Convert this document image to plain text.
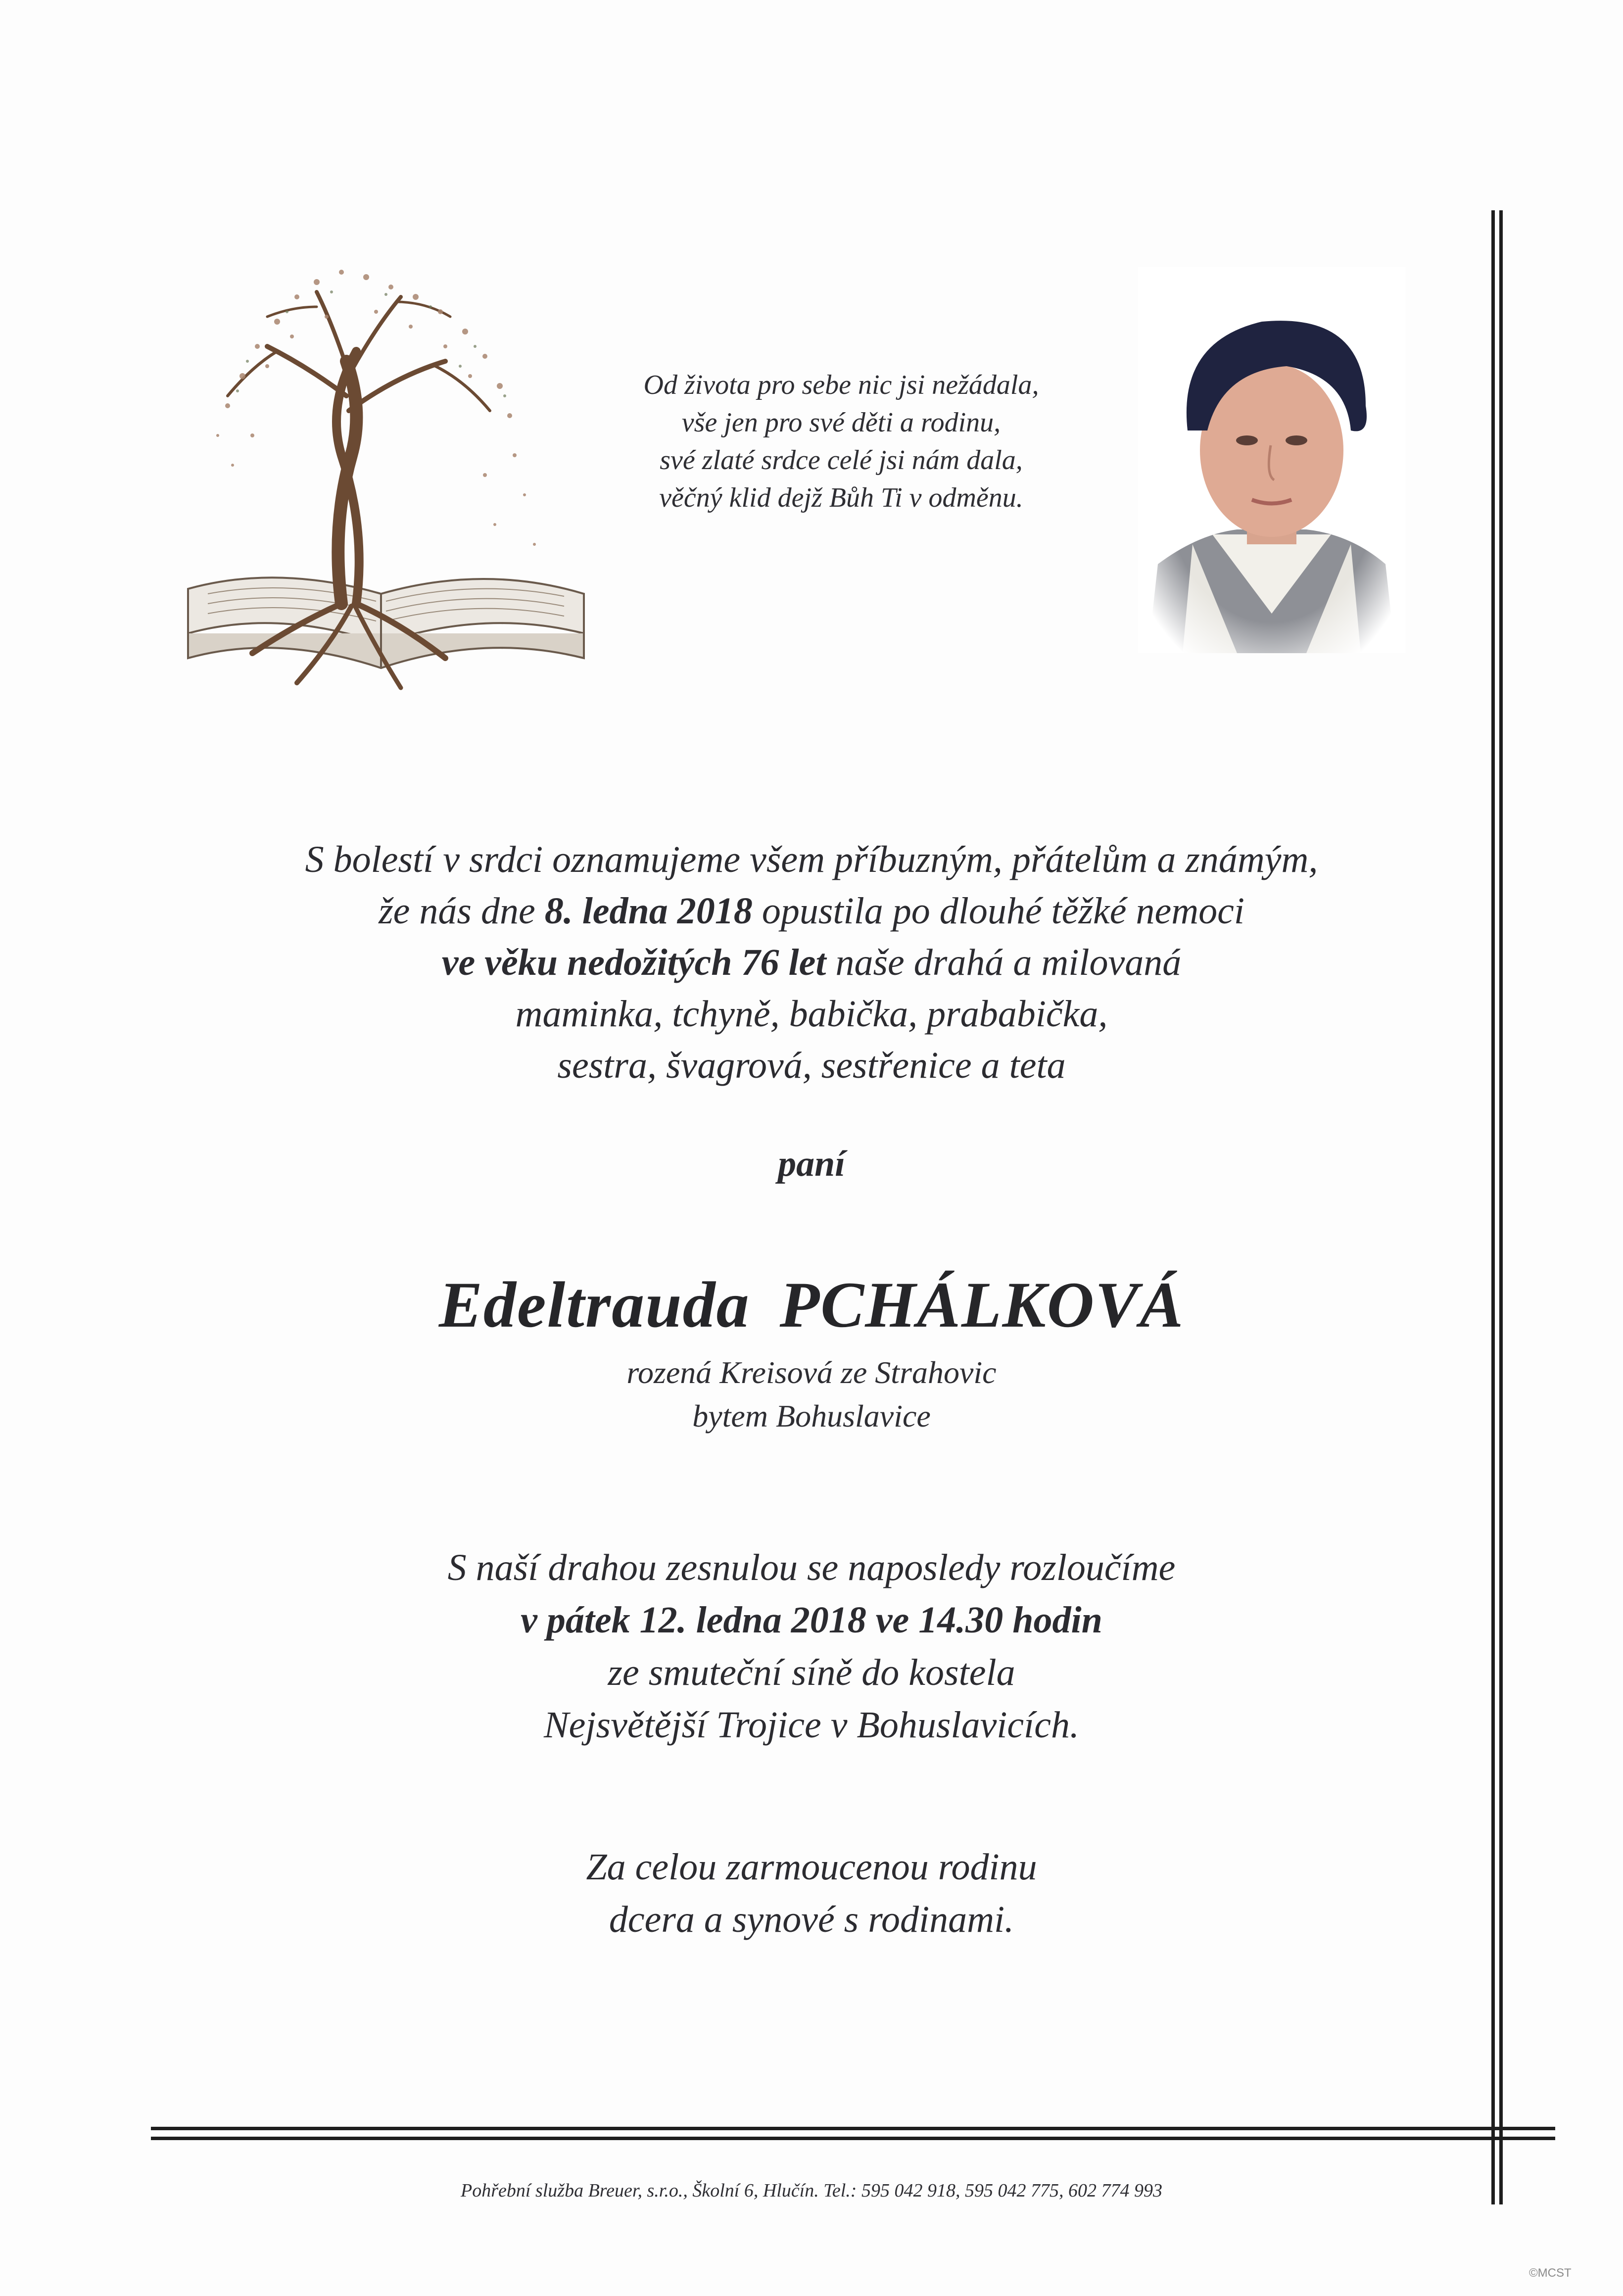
Od života pro sebe nic jsi nežádala,
vše jen pro své děti a rodinu,
své zlaté srdce celé jsi nám dala,
věčný klid dejž Bůh Ti v odměnu.
S bolestí v srdci oznamujeme všem příbuzným, přátelům a známým,
že nás dne 8. ledna 2018 opustila po dlouhé těžké nemoci
ve věku nedožitých 76 let naše drahá a milovaná
maminka, tchyně, babička, prababička,
sestra, švagrová, sestřenice a teta
paní
Edeltrauda PCHÁLKOVÁ
rozená Kreisová ze Strahovic
bytem Bohuslavice
S naší drahou zesnulou se naposledy rozloučíme
v pátek 12. ledna 2018 ve 14.30 hodin
ze smuteční síně do kostela
Nejsvětější Trojice v Bohuslavicích.
Za celou zarmoucenou rodinu
dcera a synové s rodinami.
Pohřební služba Breuer, s.r.o., Školní 6, Hlučín. Tel.: 595 042 918, 595 042 775, 602 774 993
©MCST
